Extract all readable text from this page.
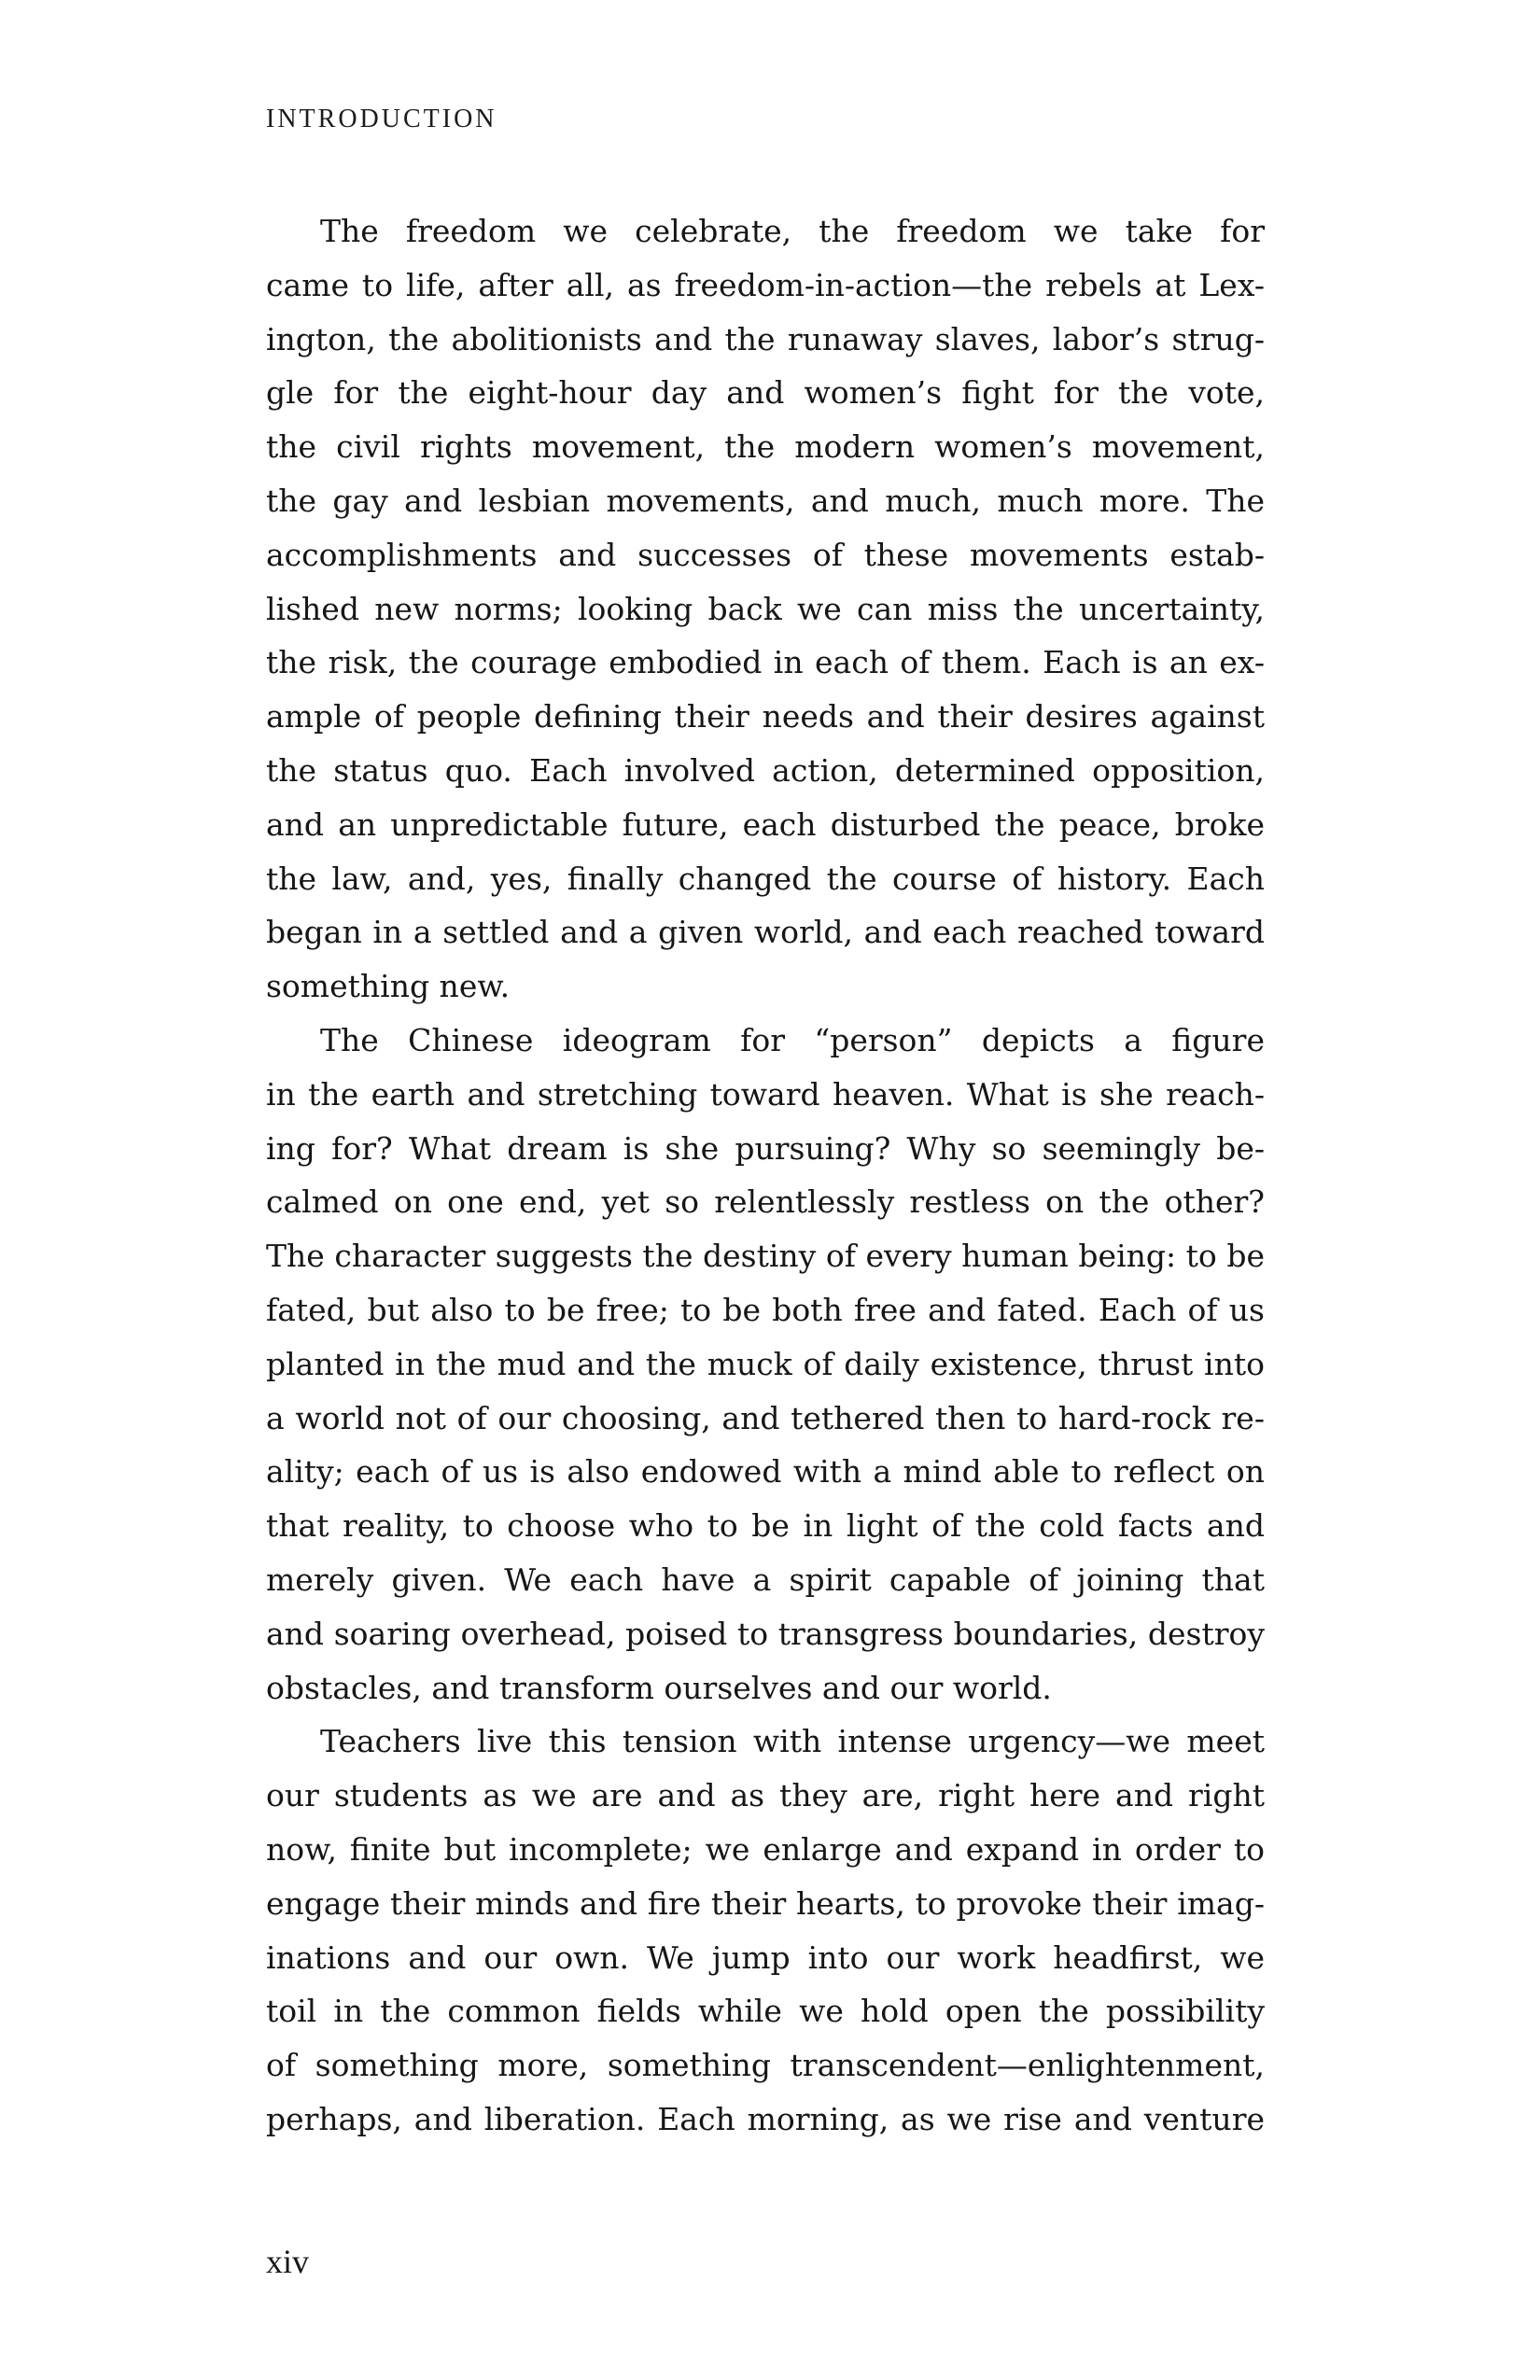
INTRODUCTION
The freedom we celebrate, the freedom we take for
came to life, after all, as freedom-in-action—the rebels at Lex-
ington, the abolitionists and the runaway slaves, labor’s strug-
gle for the eight-hour day and women’s fight for the vote,
the civil rights movement, the modern women’s movement,
the gay and lesbian movements, and much, much more. The
accomplishments and successes of these movements estab-
lished new norms; looking back we can miss the uncertainty,
the risk, the courage embodied in each of them. Each is an ex-
ample of people defining their needs and their desires against
the status quo. Each involved action, determined opposition,
and an unpredictable future, each disturbed the peace, broke
the law, and, yes, finally changed the course of history. Each
began in a settled and a given world, and each reached toward
something new.
The Chinese ideogram for “person” depicts a figure
in the earth and stretching toward heaven. What is she reach-
ing for? What dream is she pursuing? Why so seemingly be-
calmed on one end, yet so relentlessly restless on the other?
The character suggests the destiny of every human being: to be
fated, but also to be free; to be both free and fated. Each of us
planted in the mud and the muck of daily existence, thrust into
a world not of our choosing, and tethered then to hard-rock re-
ality; each of us is also endowed with a mind able to reflect on
that reality, to choose who to be in light of the cold facts and
merely given. We each have a spirit capable of joining that
and soaring overhead, poised to transgress boundaries, destroy
obstacles, and transform ourselves and our world.
Teachers live this tension with intense urgency—we meet
our students as we are and as they are, right here and right
now, finite but incomplete; we enlarge and expand in order to
engage their minds and fire their hearts, to provoke their imag-
inations and our own. We jump into our work headfirst, we
toil in the common fields while we hold open the possibility
of something more, something transcendent—enlightenment,
perhaps, and liberation. Each morning, as we rise and venture
xiv
